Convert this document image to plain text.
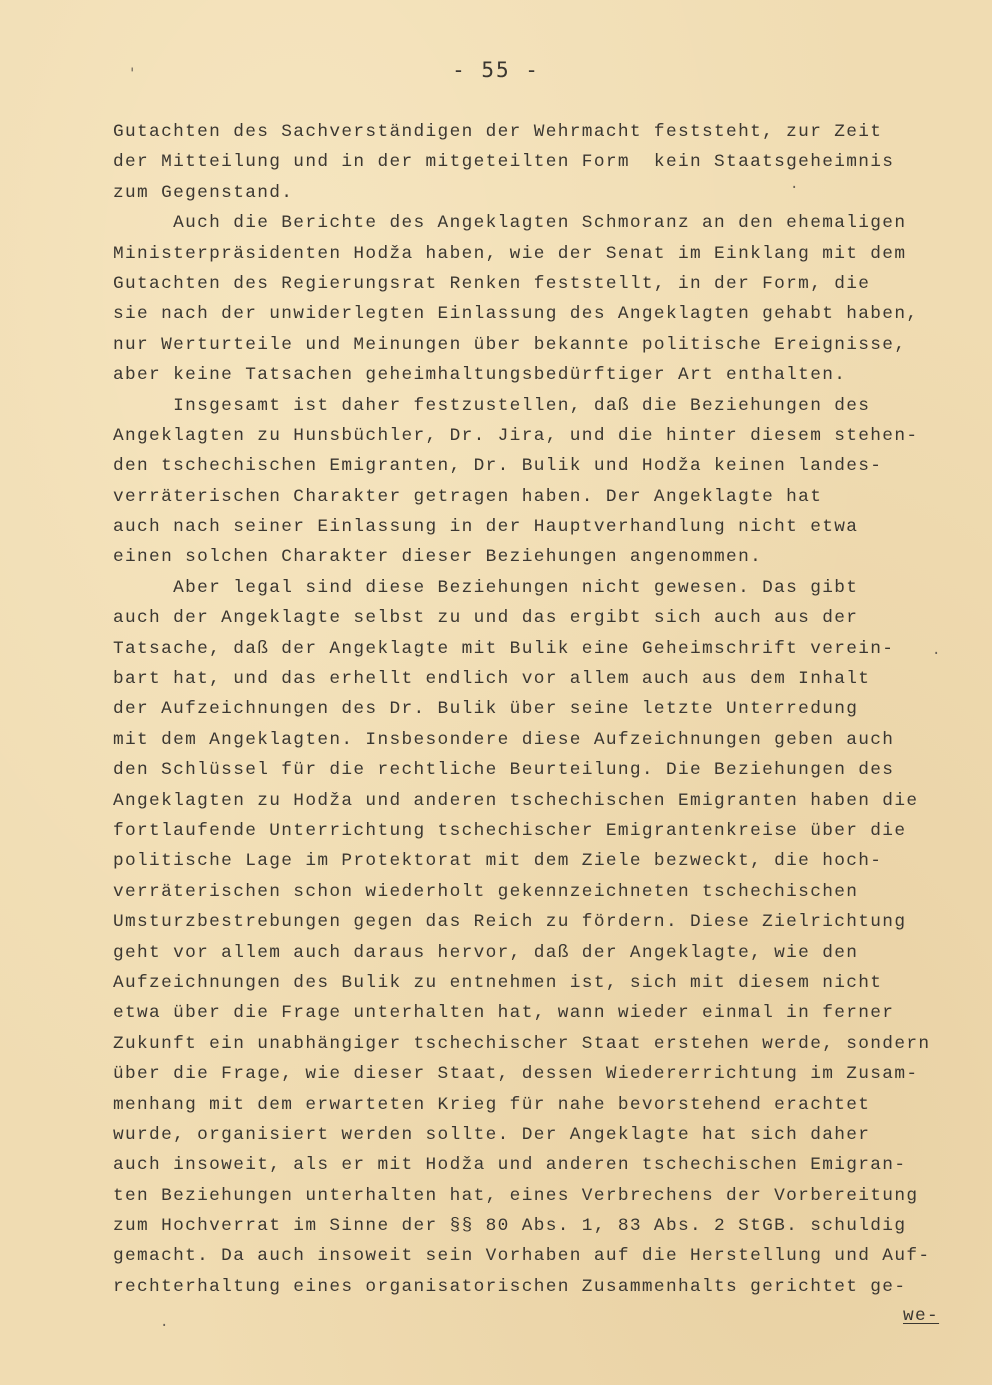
- 55 -
'
·
·
·
Gutachten des Sachverständigen der Wehrmacht feststeht, zur Zeit
der Mitteilung und in der mitgeteilten Form  kein Staatsgeheimnis
zum Gegenstand.
Auch die Berichte des Angeklagten Schmoranz an den ehemaligen
Ministerpräsidenten Hodža haben, wie der Senat im Einklang mit dem
Gutachten des Regierungsrat Renken feststellt, in der Form, die
sie nach der unwiderlegten Einlassung des Angeklagten gehabt haben,
nur Werturteile und Meinungen über bekannte politische Ereignisse,
aber keine Tatsachen geheimhaltungsbedürftiger Art enthalten.
Insgesamt ist daher festzustellen, daß die Beziehungen des
Angeklagten zu Hunsbüchler, Dr. Jira, und die hinter diesem stehen-
den tschechischen Emigranten, Dr. Bulik und Hodža keinen landes-
verräterischen Charakter getragen haben. Der Angeklagte hat
auch nach seiner Einlassung in der Hauptverhandlung nicht etwa
einen solchen Charakter dieser Beziehungen angenommen.
Aber legal sind diese Beziehungen nicht gewesen. Das gibt
auch der Angeklagte selbst zu und das ergibt sich auch aus der
Tatsache, daß der Angeklagte mit Bulik eine Geheimschrift verein-
bart hat, und das erhellt endlich vor allem auch aus dem Inhalt
der Aufzeichnungen des Dr. Bulik über seine letzte Unterredung
mit dem Angeklagten. Insbesondere diese Aufzeichnungen geben auch
den Schlüssel für die rechtliche Beurteilung. Die Beziehungen des
Angeklagten zu Hodža und anderen tschechischen Emigranten haben die
fortlaufende Unterrichtung tschechischer Emigrantenkreise über die
politische Lage im Protektorat mit dem Ziele bezweckt, die hoch-
verräterischen schon wiederholt gekennzeichneten tschechischen
Umsturzbestrebungen gegen das Reich zu fördern. Diese Zielrichtung
geht vor allem auch daraus hervor, daß der Angeklagte, wie den
Aufzeichnungen des Bulik zu entnehmen ist, sich mit diesem nicht
etwa über die Frage unterhalten hat, wann wieder einmal in ferner
Zukunft ein unabhängiger tschechischer Staat erstehen werde, sondern
über die Frage, wie dieser Staat, dessen Wiedererrichtung im Zusam-
menhang mit dem erwarteten Krieg für nahe bevorstehend erachtet
wurde, organisiert werden sollte. Der Angeklagte hat sich daher
auch insoweit, als er mit Hodža und anderen tschechischen Emigran-
ten Beziehungen unterhalten hat, eines Verbrechens der Vorbereitung
zum Hochverrat im Sinne der §§ 80 Abs. 1, 83 Abs. 2 StGB. schuldig
gemacht. Da auch insoweit sein Vorhaben auf die Herstellung und Auf-
rechterhaltung eines organisatorischen Zusammenhalts gerichtet ge-
we-
